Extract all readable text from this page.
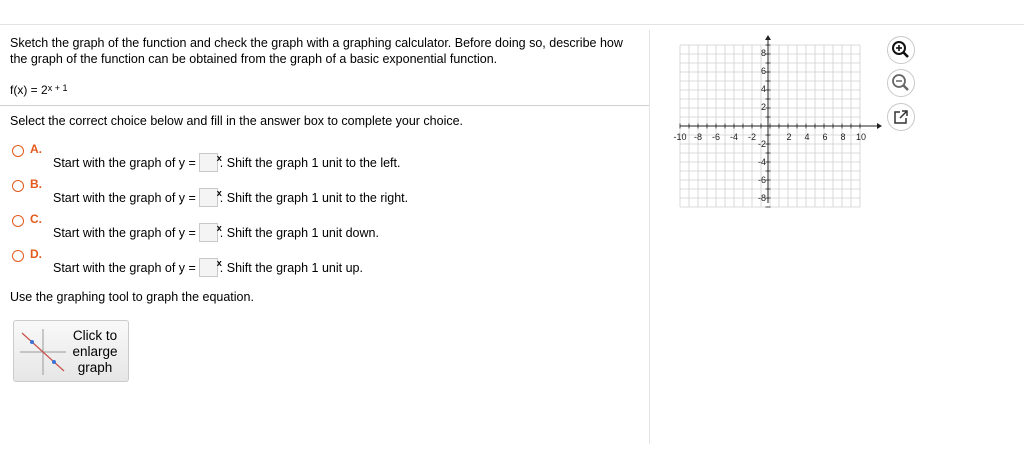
Sketch the graph of the function and check the graph with a graphing calculator. Before doing so, describe how
the graph of the function can be obtained from the graph of a basic exponential function.
$f(x) = 2^{x + 1}$
Select the correct choice below and fill in the answer box to complete your choice.
A.
Start with the graph of y = x
. Shift the graph 1 unit to the left.
B.
Start with the graph of y = x
. Shift the graph 1 unit to the right.
C.
Start with the graph of y = x
. Shift the graph 1 unit down.
D.
Start with the graph of y = x
. Shift the graph 1 unit up.
Use the graphing tool to graph the equation.
Click to
enlarge
graph
-10 -8 -6 -4 -2	2 4 6 8 10
8
6
4
2
-2
-4
-6
-8
